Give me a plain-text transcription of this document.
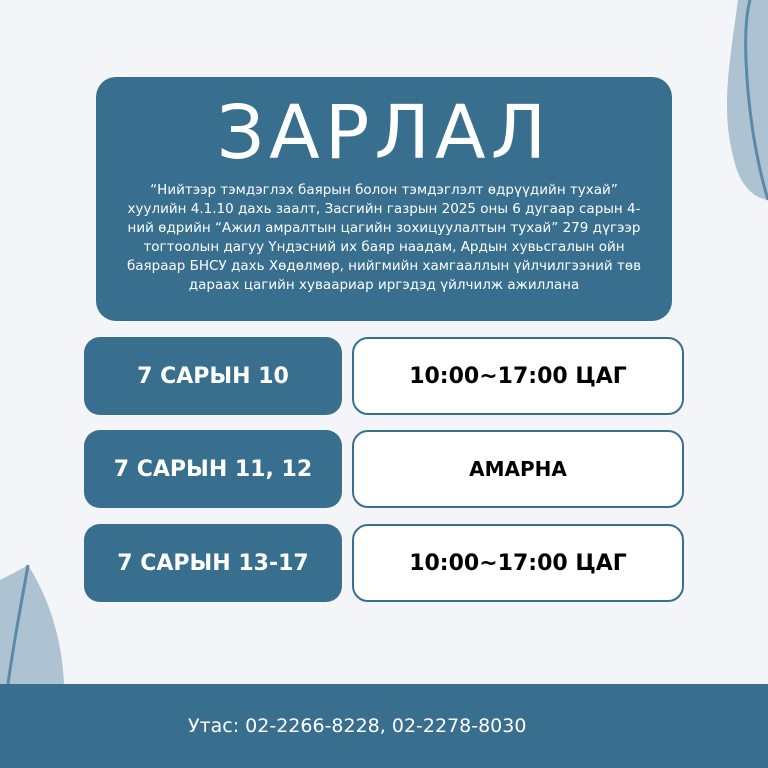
ЗАРЛАЛ
“Нийтээр тэмдэглэх баярын болон тэмдэглэлт өдрүүдийн тухай” хуулийн 4.1.10 дахь заалт, Засгийн газрын 2025 оны 6 дугаар сарын 4-ний өдрийн “Ажил амралтын цагийн зохицуулалтын тухай” 279 дүгээр тогтоолын дагуу Үндэсний их баяр наадам, Ардын хувьсгалын ойн баяраар БНСУ дахь Хөдөлмөр, нийгмийн хамгааллын үйлчилгээний төв дараах цагийн хуваариар иргэдэд үйлчилж ажиллана
7 САРЫН 10	10:00~17:00 ЦАГ
7 САРЫН 11, 12	АМАРНА
7 САРЫН 13-17	10:00~17:00 ЦАГ
Утас: 02-2266-8228, 02-2278-8030
